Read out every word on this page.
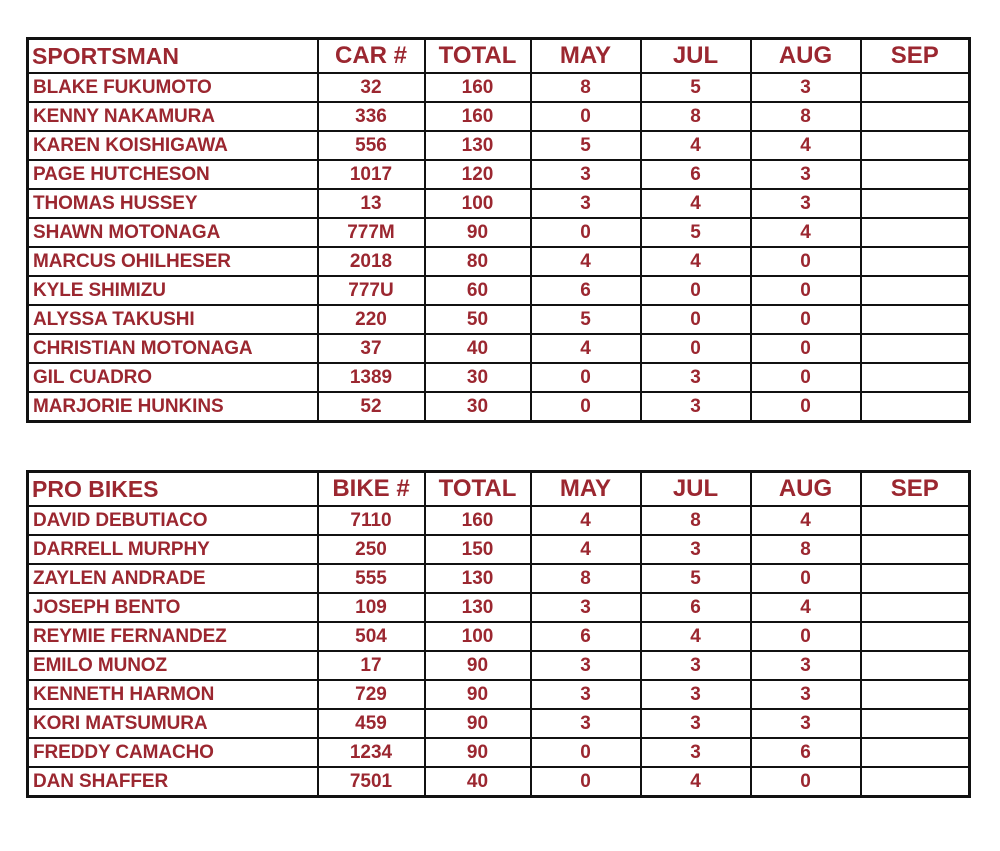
SPORTSMAN	CAR #	TOTAL	MAY	JUL	AUG	SEP
BLAKE FUKUMOTO	32	160	8	5	3	
KENNY NAKAMURA	336	160	0	8	8	
KAREN KOISHIGAWA	556	130	5	4	4	
PAGE HUTCHESON	1017	120	3	6	3	
THOMAS HUSSEY	13	100	3	4	3	
SHAWN MOTONAGA	777M	90	0	5	4	
MARCUS OHILHESER	2018	80	4	4	0	
KYLE SHIMIZU	777U	60	6	0	0	
ALYSSA TAKUSHI	220	50	5	0	0	
CHRISTIAN MOTONAGA	37	40	4	0	0	
GIL CUADRO	1389	30	0	3	0	
MARJORIE HUNKINS	52	30	0	3	0	
PRO BIKES	BIKE #	TOTAL	MAY	JUL	AUG	SEP
DAVID DEBUTIACO	7110	160	4	8	4	
DARRELL MURPHY	250	150	4	3	8	
ZAYLEN ANDRADE	555	130	8	5	0	
JOSEPH BENTO	109	130	3	6	4	
REYMIE FERNANDEZ	504	100	6	4	0	
EMILO MUNOZ	17	90	3	3	3	
KENNETH HARMON	729	90	3	3	3	
KORI MATSUMURA	459	90	3	3	3	
FREDDY CAMACHO	1234	90	0	3	6	
DAN SHAFFER	7501	40	0	4	0	
